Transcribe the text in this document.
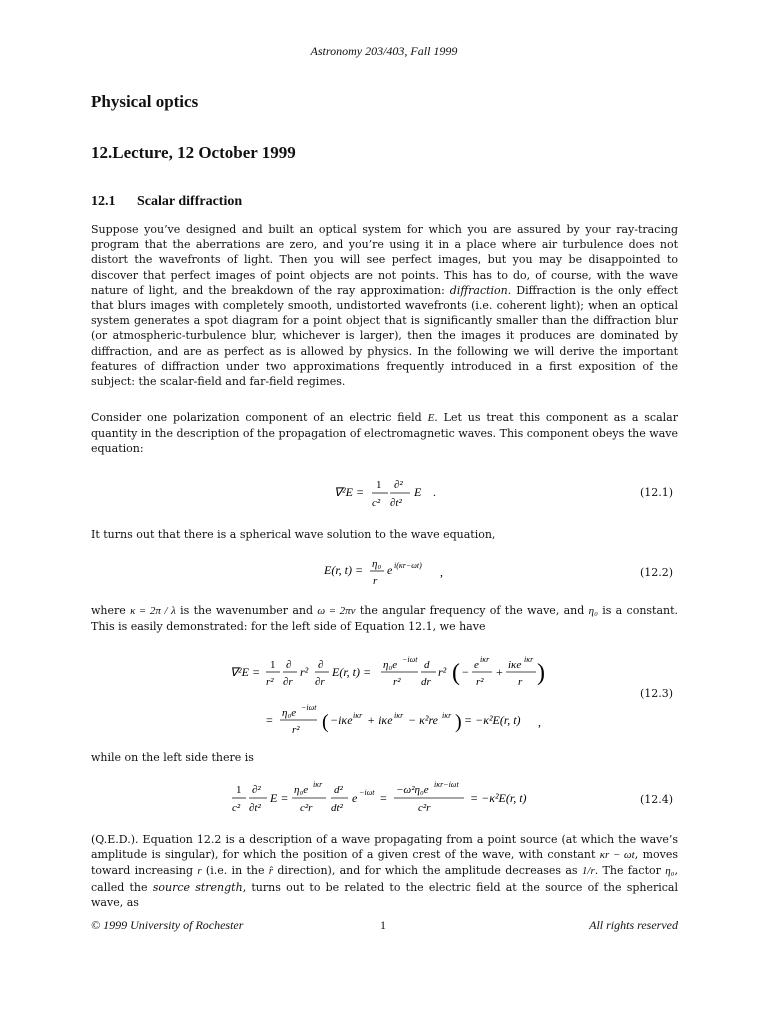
Astronomy 203/403, Fall 1999
Physical optics
12.Lecture, 12 October 1999
12.1 Scalar diffraction

Suppose you’ve designed and built an optical system for which you are assured by your ray-tracing program that the aberrations are zero, and you’re using it in a place where air turbulence does not distort the wavefronts of light. Then you will see perfect images, but you may be disappointed to discover that perfect images of point objects are not points. This has to do, of course, with the wave nature of light, and the breakdown of the ray approximation: diffraction. Diffraction is the only effect that blurs images with completely smooth, undistorted wavefronts (i.e. coherent light); when an optical system generates a spot diagram for a point object that is significantly smaller than the diffraction blur (or atmospheric-turbulence blur, whichever is larger), then the images it produces are dominated by diffraction, and are as perfect as is allowed by physics. In the following we will derive the important features of diffraction under two approximations frequently introduced in a first exposition of the subject: the scalar-field and far-field regimes.

Consider one polarization component of an electric field E. Let us treat this component as a scalar quantity in the description of the propagation of electromagnetic waves. This component obeys the wave equation:

∇²E = 1
c²
∂²
∂t²
E .	(12.1)
It turns out that there is a spherical wave solution to the wave equation,
E(r, t) = η₀
r
e i(κr−ωt) ,	(12.2)

where κ = 2π / λ is the wavenumber and ω = 2πν the angular frequency of the wave, and η₀ is a constant. This is easily demonstrated: for the left side of Equation 12.1, we have

∇²E = 1
r²
∂
∂r
r² ∂
∂r
E(r, t) = η₀e −iωt
r²
d
dr
r² ( − e iκr
r²
+ iκe iκr
r )
= η₀e −iωt
r² ( −iκe iκr + iκe iκr − κ²re iκr ) = −κ²E(r, t) ,
(12.3)
while on the left side there is
1
c²
∂²
∂t²
E =
η₀e iκr
c²r
d²
dt²
e −iωt =
−ω²η₀e iκr−iωt
c²r
= −κ²E(r, t)	(12.4)

(Q.E.D.). Equation 12.2 is a description of a wave propagating from a point source (at which the wave’s amplitude is singular), for which the position of a given crest of the wave, with constant κr − ωt, moves toward increasing r (i.e. in the r̂ direction), and for which the amplitude decreases as 1/r. The factor η₀, called the source strength, turns out to be related to the electric field at the source of the spherical wave, as

© 1999 University of Rochester	1	All rights reserved
